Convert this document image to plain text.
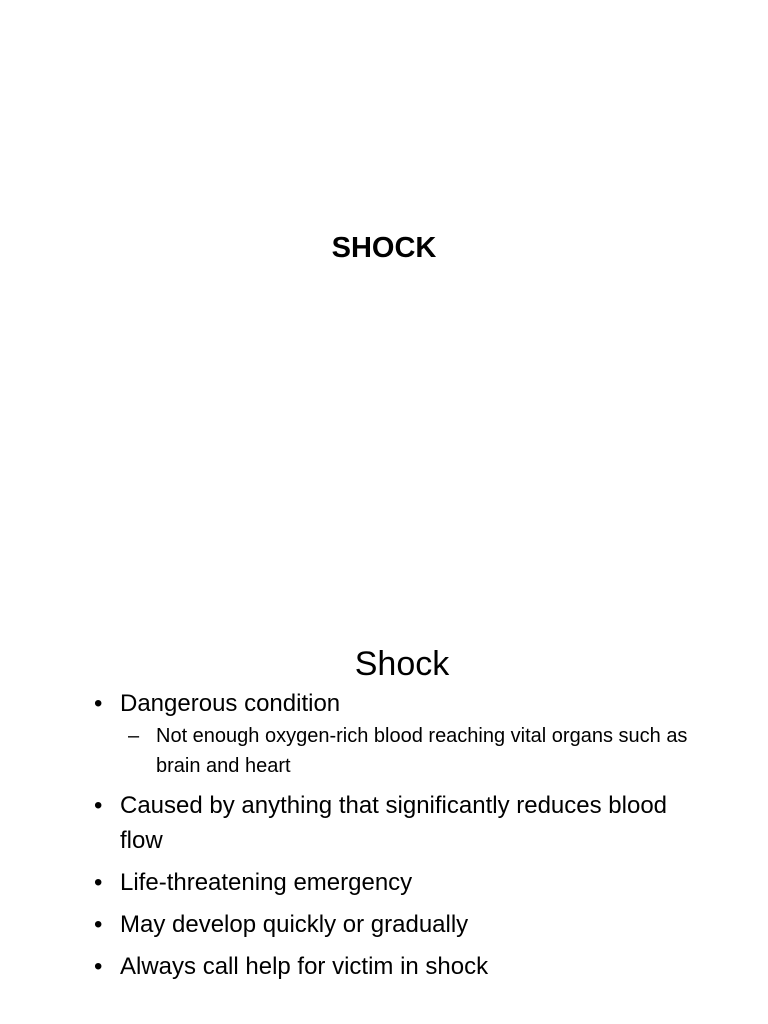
SHOCK
Shock
• Dangerous condition
– Not enough oxygen-rich blood reaching vital organs such as brain and heart
• Caused by anything that significantly reduces blood flow
• Life-threatening emergency
• May develop quickly or gradually
• Always call help for victim in shock
